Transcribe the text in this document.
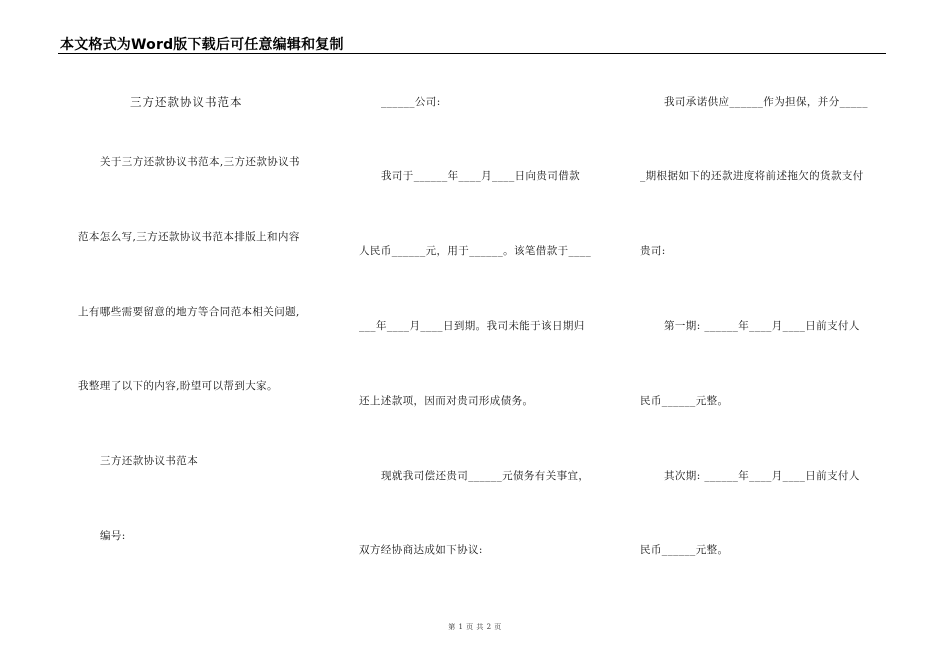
本文格式为Word版下载后可任意编辑和复制

三方还款协议书范本

关于三方还款协议书范本,三方还款协议书

范本怎么写,三方还款协议书范本排版上和内容

上有哪些需要留意的地方等合同范本相关问题,

我整理了以下的内容,盼望可以帮到大家。

三方还款协议书范本

编号:

______公司:

我司于______年____月____日向贵司借款

人民币______元，用于______。该笔借款于____

___年____月____日到期。我司未能于该日期归

还上述款项，因而对贵司形成债务。

现就我司偿还贵司______元债务有关事宜，

双方经协商达成如下协议:

我司承诺供应______作为担保，并分_____

_期根据如下的还款进度将前述拖欠的货款支付

贵司:

第一期: ______年____月____日前支付人

民币______元整。

其次期: ______年____月____日前支付人

民币______元整。

第 1 页 共 2 页
